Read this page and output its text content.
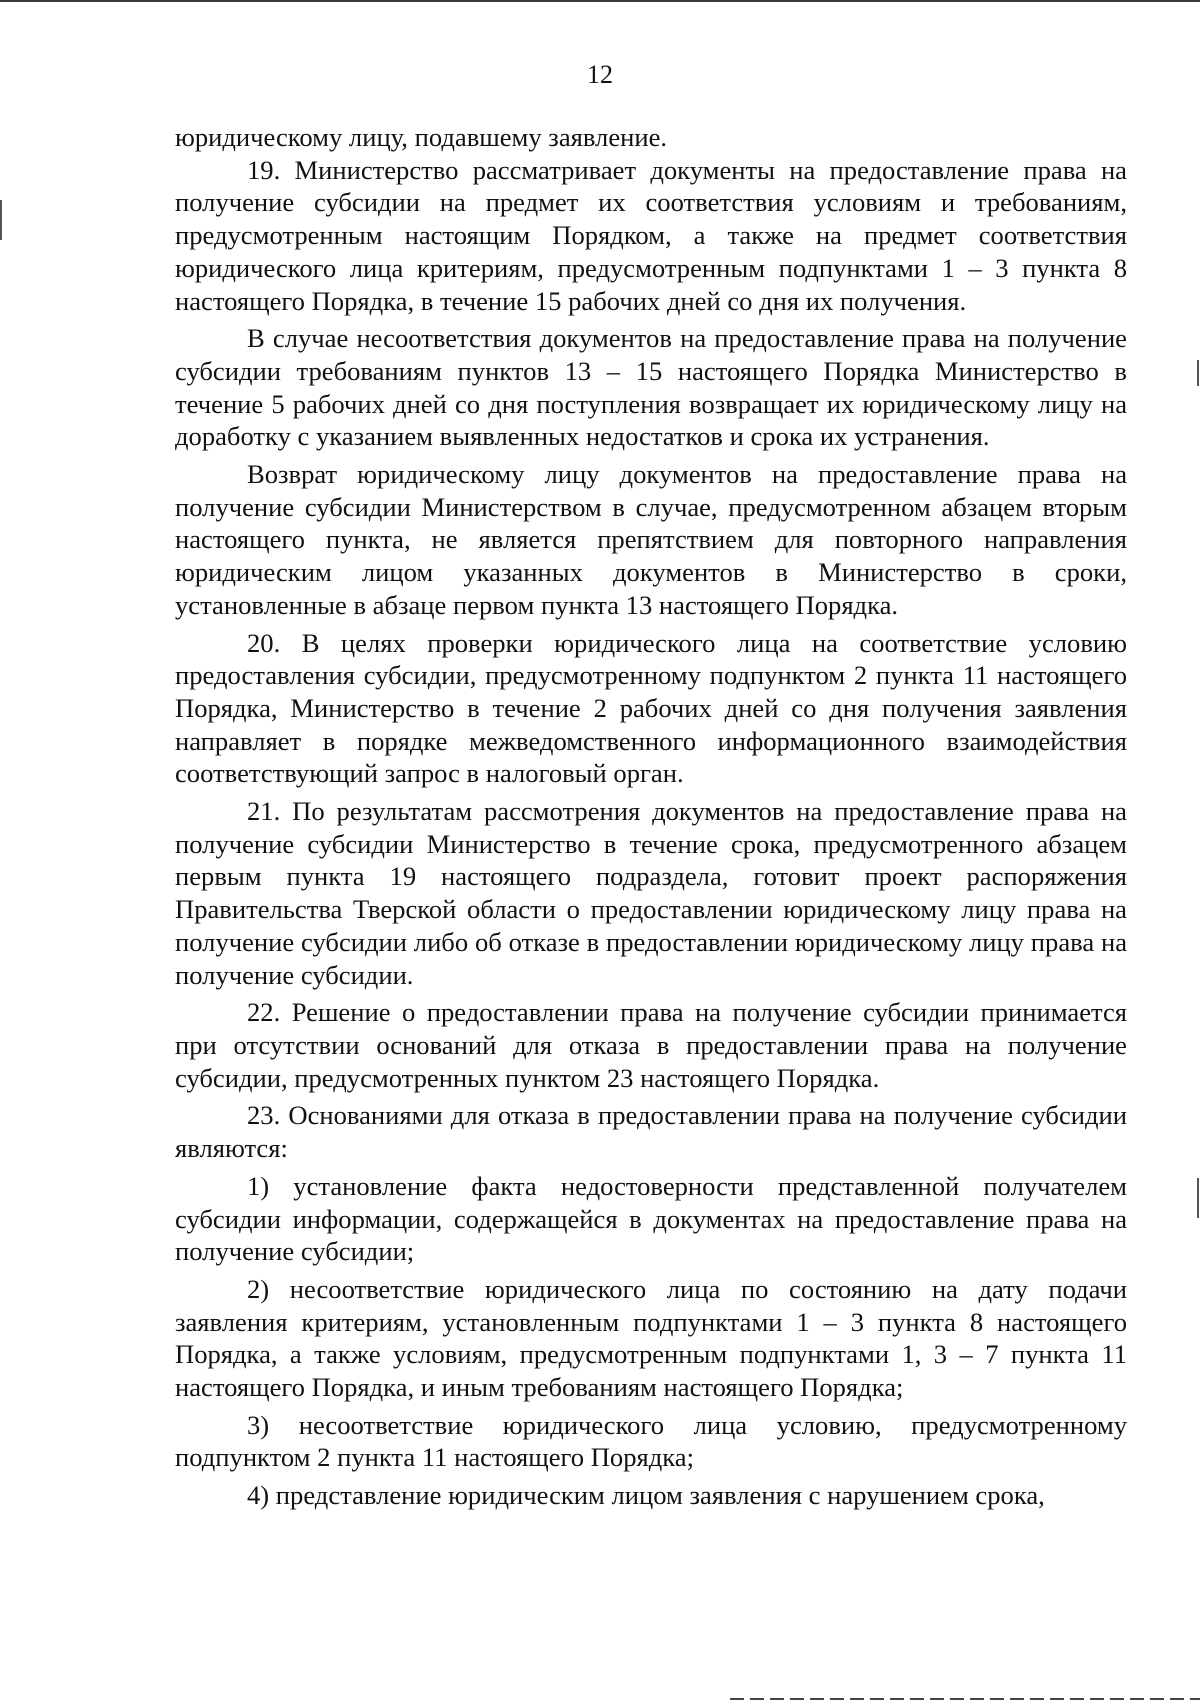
12

юридическому лицу, подавшему заявление.

19. Министерство рассматривает документы на предоставление права на получение субсидии на предмет их соответствия условиям и требованиям, предусмотренным настоящим Порядком, а также на предмет соответствия юридического лица критериям, предусмотренным подпунктами 1 – 3 пункта 8 настоящего Порядка, в течение 15 рабочих дней со дня их получения.

В случае несоответствия документов на предоставление права на получение субсидии требованиям пунктов 13 – 15 настоящего Порядка Министерство в течение 5 рабочих дней со дня поступления возвращает их юридическому лицу на доработку с указанием выявленных недостатков и срока их устранения.

Возврат юридическому лицу документов на предоставление права на получение субсидии Министерством в случае, предусмотренном абзацем вторым настоящего пункта, не является препятствием для повторного направления юридическим лицом указанных документов в Министерство в сроки, установленные в абзаце первом пункта 13 настоящего Порядка.

20. В целях проверки юридического лица на соответствие условию предоставления субсидии, предусмотренному подпунктом 2 пункта 11 настоящего Порядка, Министерство в течение 2 рабочих дней со дня получения заявления направляет в порядке межведомственного информационного взаимодействия соответствующий запрос в налоговый орган.

21. По результатам рассмотрения документов на предоставление права на получение субсидии Министерство в течение срока, предусмотренного абзацем первым пункта 19 настоящего подраздела, готовит проект распоряжения Правительства Тверской области о предоставлении юридическому лицу права на получение субсидии либо об отказе в предоставлении юридическому лицу права на получение субсидии.

22. Решение о предоставлении права на получение субсидии принимается при отсутствии оснований для отказа в предоставлении права на получение субсидии, предусмотренных пунктом 23 настоящего Порядка.

23. Основаниями для отказа в предоставлении права на получение субсидии являются:

1) установление факта недостоверности представленной получателем субсидии информации, содержащейся в документах на предоставление права на получение субсидии;

2) несоответствие юридического лица по состоянию на дату подачи заявления критериям, установленным подпунктами 1 – 3 пункта 8 настоящего Порядка, а также условиям, предусмотренным подпунктами 1, 3 – 7 пункта 11 настоящего Порядка, и иным требованиям настоящего Порядка;

3) несоответствие юридического лица условию, предусмотренному подпунктом 2 пункта 11 настоящего Порядка;

4) представление юридическим лицом заявления с нарушением срока,
